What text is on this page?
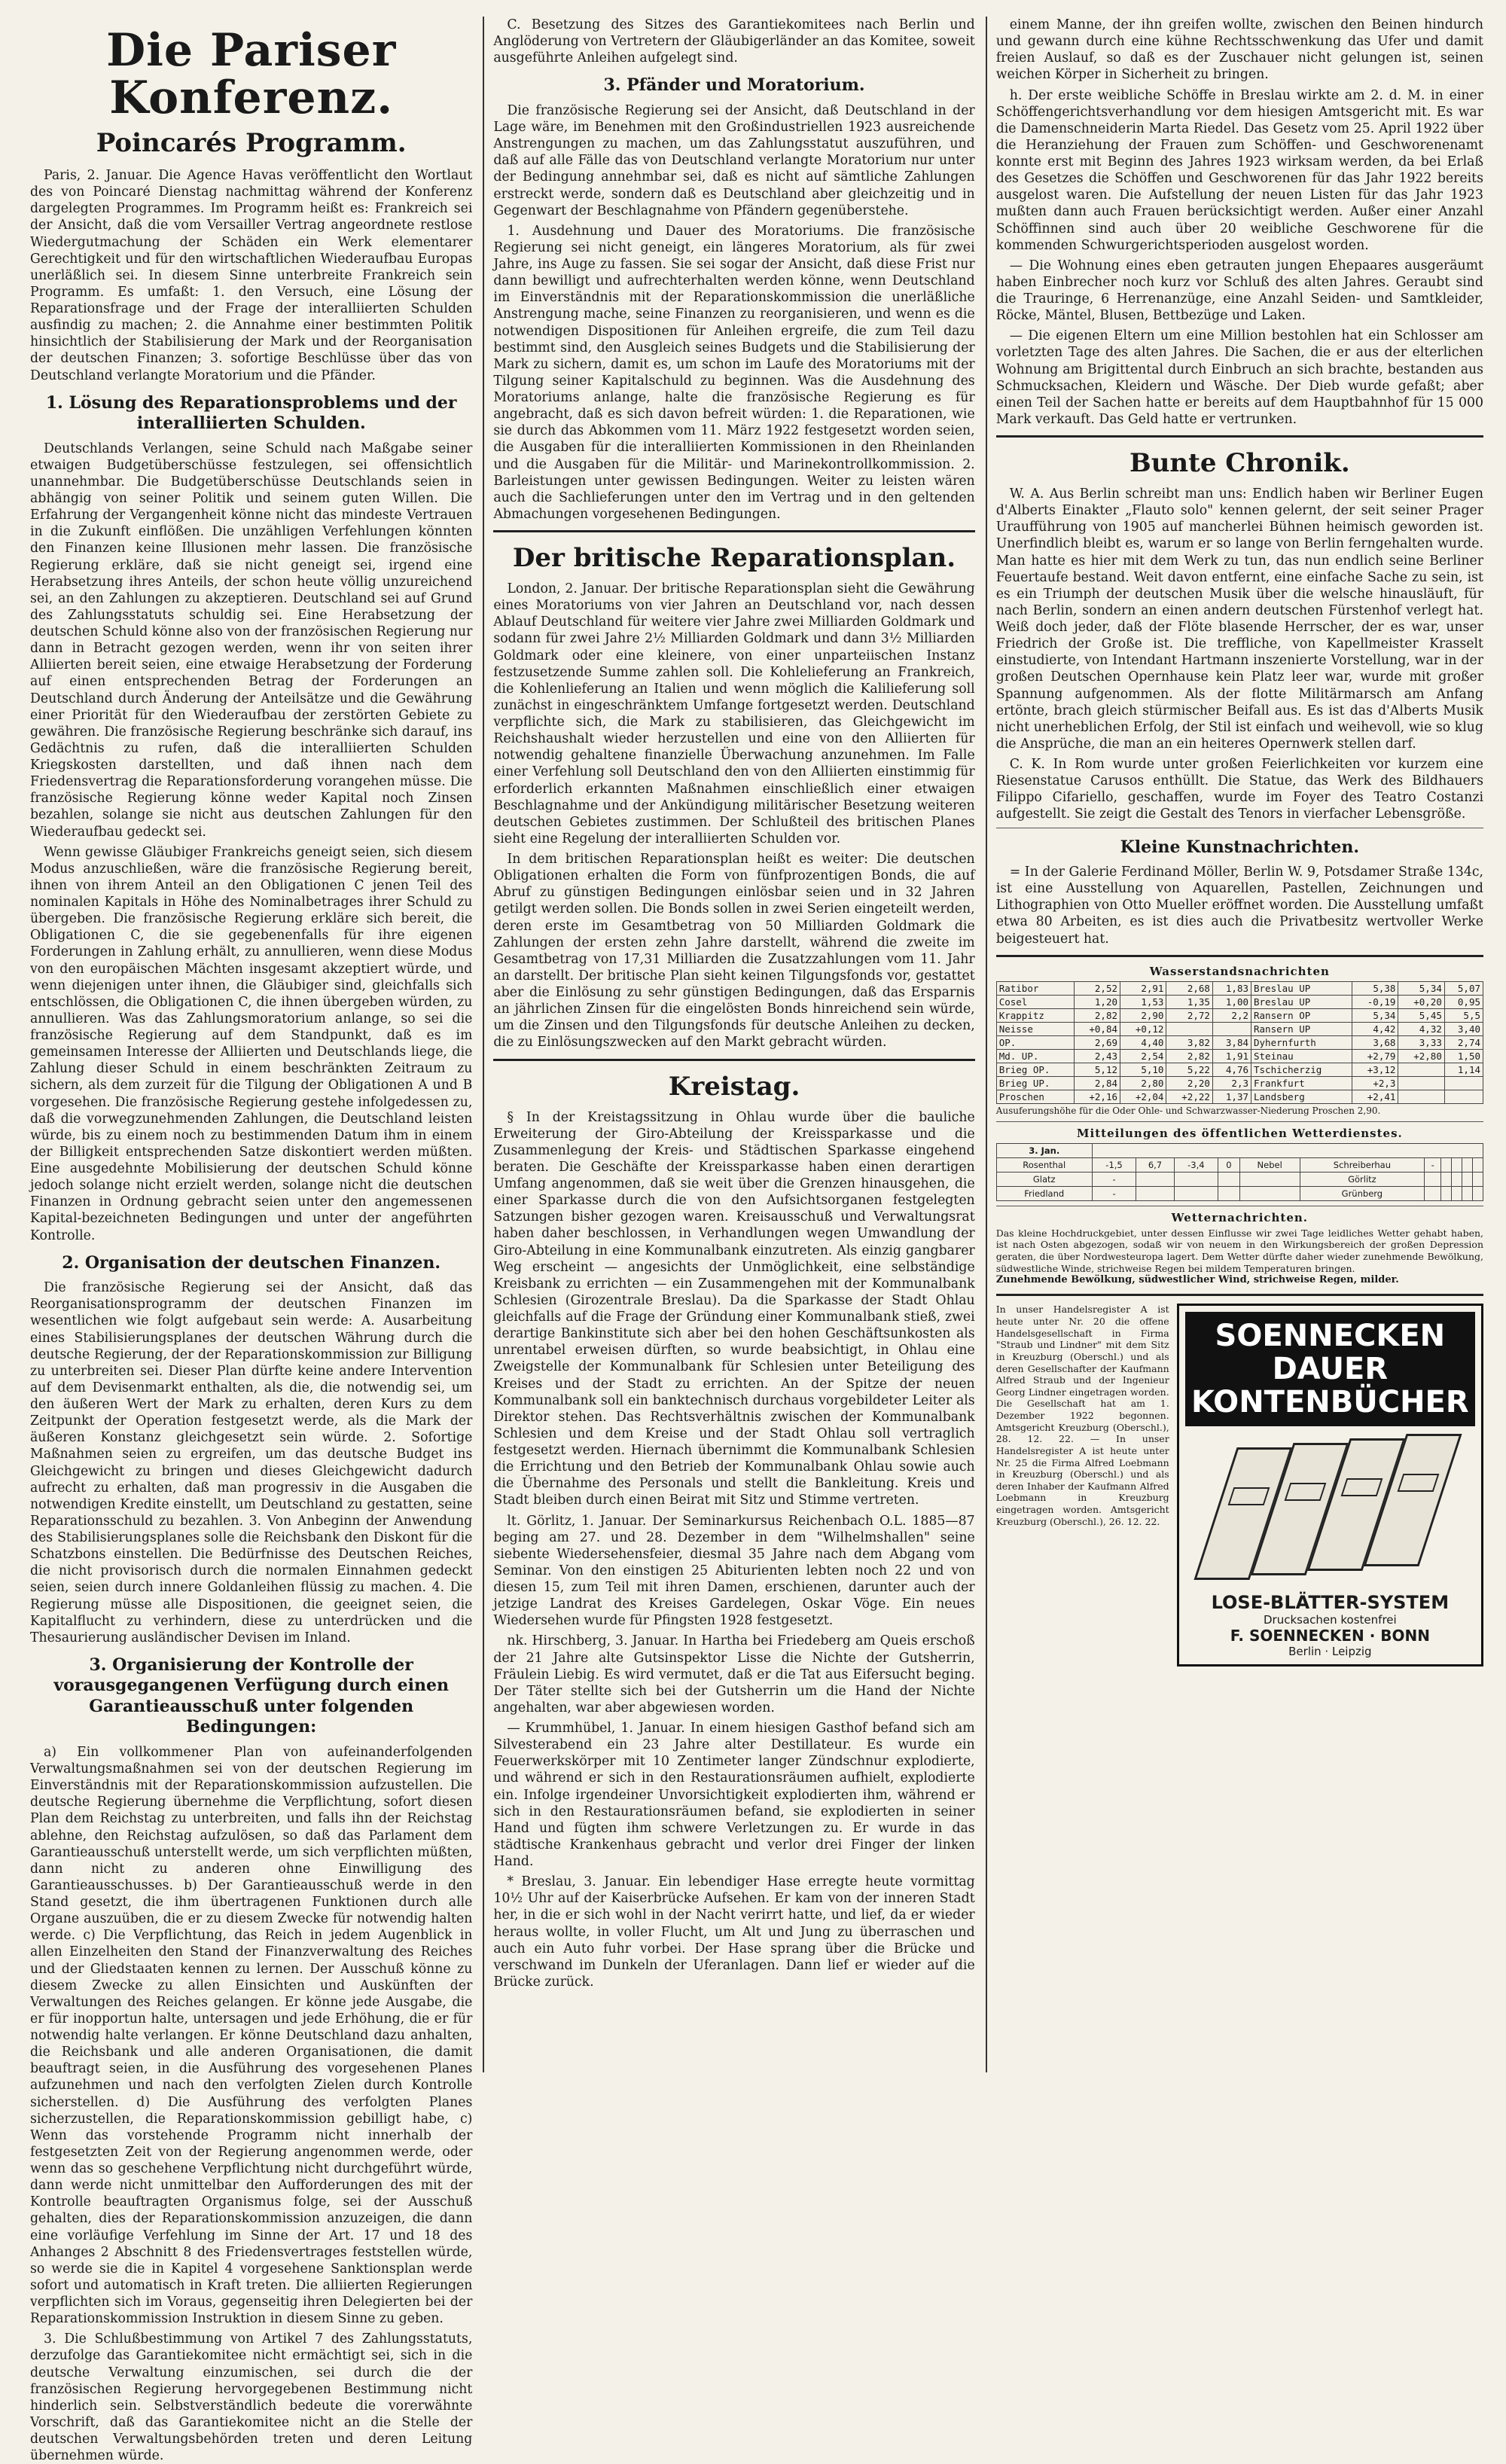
Die Pariser Konferenz.
Poincarés Programm.

Paris, 2. Januar. Die Agence Havas veröffentlicht den Wortlaut des von Poincaré Dienstag nachmittag während der Konferenz dargelegten Programmes. Im Programm heißt es: Frankreich sei der Ansicht, daß die vom Versailler Vertrag angeordnete restlose Wiedergutmachung der Schäden ein Werk elementarer Gerechtigkeit und für den wirtschaftlichen Wiederaufbau Europas unerläßlich sei. In diesem Sinne unterbreite Frankreich sein Programm. Es umfaßt: 1. den Versuch, eine Lösung der Reparationsfrage und der Frage der interalliierten Schulden ausfindig zu machen; 2. die Annahme einer bestimmten Politik hinsichtlich der Stabilisierung der Mark und der Reorganisation der deutschen Finanzen; 3. sofortige Beschlüsse über das von Deutschland verlangte Moratorium und die Pfänder.

1. Lösung des Reparationsproblems und der interalliierten Schulden.

Deutschlands Verlangen, seine Schuld nach Maßgabe seiner etwaigen Budgetüberschüsse festzulegen, sei offensichtlich unannehmbar. Die Budgetüberschüsse Deutschlands seien in abhängig von seiner Politik und seinem guten Willen. Die Erfahrung der Vergangenheit könne nicht das mindeste Vertrauen in die Zukunft einflößen. Die unzähligen Verfehlungen könnten den Finanzen keine Illusionen mehr lassen. Die französische Regierung erkläre, daß sie nicht geneigt sei, irgend eine Herabsetzung ihres Anteils, der schon heute völlig unzureichend sei, an den Zahlungen zu akzeptieren. Deutschland sei auf Grund des Zahlungsstatuts schuldig sei. Eine Herabsetzung der deutschen Schuld könne also von der französischen Regierung nur dann in Betracht gezogen werden, wenn ihr von seiten ihrer Alliierten bereit seien, eine etwaige Herabsetzung der Forderung auf einen entsprechenden Betrag der Forderungen an Deutschland durch Änderung der Anteilsätze und die Gewährung einer Priorität für den Wiederaufbau der zerstörten Gebiete zu gewähren. Die französische Regierung beschränke sich darauf, ins Gedächtnis zu rufen, daß die interalliierten Schulden Kriegskosten darstellten, und daß ihnen nach dem Friedensvertrag die Reparationsforderung vorangehen müsse. Die französische Regierung könne weder Kapital noch Zinsen bezahlen, solange sie nicht aus deutschen Zahlungen für den Wiederaufbau gedeckt sei.

Wenn gewisse Gläubiger Frankreichs geneigt seien, sich diesem Modus anzuschließen, wäre die französische Regierung bereit, ihnen von ihrem Anteil an den Obligationen C jenen Teil des nominalen Kapitals in Höhe des Nominalbetrages ihrer Schuld zu übergeben. Die französische Regierung erkläre sich bereit, die Obligationen C, die sie gegebenenfalls für ihre eigenen Forderungen in Zahlung erhält, zu annullieren, wenn diese Modus von den europäischen Mächten insgesamt akzeptiert würde, und wenn diejenigen unter ihnen, die Gläubiger sind, gleichfalls sich entschlössen, die Obligationen C, die ihnen übergeben würden, zu annullieren. Was das Zahlungsmoratorium anlange, so sei die französische Regierung auf dem Standpunkt, daß es im gemeinsamen Interesse der Alliierten und Deutschlands liege, die Zahlung dieser Schuld in einem beschränkten Zeitraum zu sichern, als dem zurzeit für die Tilgung der Obligationen A und B vorgesehen. Die französische Regierung gestehe infolgedessen zu, daß die vorwegzunehmenden Zahlungen, die Deutschland leisten würde, bis zu einem noch zu bestimmenden Datum ihm in einem der Billigkeit entsprechenden Satze diskontiert werden müßten. Eine ausgedehnte Mobilisierung der deutschen Schuld könne jedoch solange nicht erzielt werden, solange nicht die deutschen Finanzen in Ordnung gebracht seien unter den angemessenen Kapital-bezeichneten Bedingungen und unter der angeführten Kontrolle.

2. Organisation der deutschen Finanzen.

Die französische Regierung sei der Ansicht, daß das Reorganisationsprogramm der deutschen Finanzen im wesentlichen wie folgt aufgebaut sein werde: A. Ausarbeitung eines Stabilisierungsplanes der deutschen Währung durch die deutsche Regierung, der der Reparationskommission zur Billigung zu unterbreiten sei. Dieser Plan dürfte keine andere Intervention auf dem Devisenmarkt enthalten, als die, die notwendig sei, um den äußeren Wert der Mark zu erhalten, deren Kurs zu dem Zeitpunkt der Operation festgesetzt werde, als die Mark der äußeren Konstanz gleichgesetzt sein würde. 2. Sofortige Maßnahmen seien zu ergreifen, um das deutsche Budget ins Gleichgewicht zu bringen und dieses Gleichgewicht dadurch aufrecht zu erhalten, daß man progressiv in die Ausgaben die notwendigen Kredite einstellt, um Deutschland zu gestatten, seine Reparationsschuld zu bezahlen. 3. Von Anbeginn der Anwendung des Stabilisierungsplanes solle die Reichsbank den Diskont für die Schatzbons einstellen. Die Bedürfnisse des Deutschen Reiches, die nicht provisorisch durch die normalen Einnahmen gedeckt seien, seien durch innere Goldanleihen flüssig zu machen. 4. Die Regierung müsse alle Dispositionen, die geeignet seien, die Kapitalflucht zu verhindern, diese zu unterdrücken und die Thesaurierung ausländischer Devisen im Inland.

3. Organisierung der Kontrolle der vorausgegangenen Verfügung durch einen Garantieausschuß unter folgenden Bedingungen:

a) Ein vollkommener Plan von aufeinanderfolgenden Verwaltungsmaßnahmen sei von der deutschen Regierung im Einverständnis mit der Reparationskommission aufzustellen. Die deutsche Regierung übernehme die Verpflichtung, sofort diesen Plan dem Reichstag zu unterbreiten, und falls ihn der Reichstag ablehne, den Reichstag aufzulösen, so daß das Parlament dem Garantieausschuß unterstellt werde, um sich verpflichten müßten, dann nicht zu anderen ohne Einwilligung des Garantieausschusses. b) Der Garantieausschuß werde in den Stand gesetzt, die ihm übertragenen Funktionen durch alle Organe auszuüben, die er zu diesem Zwecke für notwendig halten werde. c) Die Verpflichtung, das Reich in jedem Augenblick in allen Einzelheiten den Stand der Finanzverwaltung des Reiches und der Gliedstaaten kennen zu lernen. Der Ausschuß könne zu diesem Zwecke zu allen Einsichten und Auskünften der Verwaltungen des Reiches gelangen. Er könne jede Ausgabe, die er für inopportun halte, untersagen und jede Erhöhung, die er für notwendig halte verlangen. Er könne Deutschland dazu anhalten, die Reichsbank und alle anderen Organisationen, die damit beauftragt seien, in die Ausführung des vorgesehenen Planes aufzunehmen und nach den verfolgten Zielen durch Kontrolle sicherstellen. d) Die Ausführung des verfolgten Planes sicherzustellen, die Reparationskommission gebilligt habe, c) Wenn das vorstehende Programm nicht innerhalb der festgesetzten Zeit von der Regierung angenommen werde, oder wenn das so geschehene Verpflichtung nicht durchgeführt würde, dann werde nicht unmittelbar den Aufforderungen des mit der Kontrolle beauftragten Organismus folge, sei der Ausschuß gehalten, dies der Reparationskommission anzuzeigen, die dann eine vorläufige Verfehlung im Sinne der Art. 17 und 18 des Anhanges 2 Abschnitt 8 des Friedensvertrages feststellen würde, so werde sie die in Kapitel 4 vorgesehene Sanktionsplan werde sofort und automatisch in Kraft treten. Die alliierten Regierungen verpflichten sich im Voraus, gegenseitig ihren Delegierten bei der Reparationskommission Instruktion in diesem Sinne zu geben.

3. Die Schlußbestimmung von Artikel 7 des Zahlungsstatuts, derzufolge das Garantiekomitee nicht ermächtigt sei, sich in die deutsche Verwaltung einzumischen, sei durch die der französischen Regierung hervorgegebenen Bestimmung nicht hinderlich sein. Selbstverständlich bedeute die vorerwähnte Vorschrift, daß das Garantiekomitee nicht an die Stelle der deutschen Verwaltungsbehörden treten und deren Leitung übernehmen würde.

C. Besetzung des Sitzes des Garantiekomitees nach Berlin und Anglöderung von Vertretern der Gläubigerländer an das Komitee, soweit ausgeführte Anleihen aufgelegt sind.

3. Pfänder und Moratorium.

Die französische Regierung sei der Ansicht, daß Deutschland in der Lage wäre, im Benehmen mit den Großindustriellen 1923 ausreichende Anstrengungen zu machen, um das Zahlungsstatut auszuführen, und daß auf alle Fälle das von Deutschland verlangte Moratorium nur unter der Bedingung annehmbar sei, daß es nicht auf sämtliche Zahlungen erstreckt werde, sondern daß es Deutschland aber gleichzeitig und in Gegenwart der Beschlagnahme von Pfändern gegenüberstehe.

1. Ausdehnung und Dauer des Moratoriums. Die französische Regierung sei nicht geneigt, ein längeres Moratorium, als für zwei Jahre, ins Auge zu fassen. Sie sei sogar der Ansicht, daß diese Frist nur dann bewilligt und aufrechterhalten werden könne, wenn Deutschland im Einverständnis mit der Reparationskommission die unerläßliche Anstrengung mache, seine Finanzen zu reorganisieren, und wenn es die notwendigen Dispositionen für Anleihen ergreife, die zum Teil dazu bestimmt sind, den Ausgleich seines Budgets und die Stabilisierung der Mark zu sichern, damit es, um schon im Laufe des Moratoriums mit der Tilgung seiner Kapitalschuld zu beginnen. Was die Ausdehnung des Moratoriums anlange, halte die französische Regierung es für angebracht, daß es sich davon befreit würden: 1. die Reparationen, wie sie durch das Abkommen vom 11. März 1922 festgesetzt worden seien, die Ausgaben für die interalliierten Kommissionen in den Rheinlanden und die Ausgaben für die Militär- und Marinekontrollkommission. 2. Barleistungen unter gewissen Bedingungen. Weiter zu leisten wären auch die Sachlieferungen unter den im Vertrag und in den geltenden Abmachungen vorgesehenen Bedingungen.

Der britische Reparationsplan.

London, 2. Januar. Der britische Reparationsplan sieht die Gewährung eines Moratoriums von vier Jahren an Deutschland vor, nach dessen Ablauf Deutschland für weitere vier Jahre zwei Milliarden Goldmark und sodann für zwei Jahre 2½ Milliarden Goldmark und dann 3½ Milliarden Goldmark oder eine kleinere, von einer unparteiischen Instanz festzusetzende Summe zahlen soll. Die Kohlelieferung an Frankreich, die Kohlenlieferung an Italien und wenn möglich die Kalilieferung soll zunächst in eingeschränktem Umfange fortgesetzt werden. Deutschland verpflichte sich, die Mark zu stabilisieren, das Gleichgewicht im Reichshaushalt wieder herzustellen und eine von den Alliierten für notwendig gehaltene finanzielle Überwachung anzunehmen. Im Falle einer Verfehlung soll Deutschland den von den Alliierten einstimmig für erforderlich erkannten Maßnahmen einschließlich einer etwaigen Beschlagnahme und der Ankündigung militärischer Besetzung weiteren deutschen Gebietes zustimmen. Der Schlußteil des britischen Planes sieht eine Regelung der interalliierten Schulden vor.

In dem britischen Reparationsplan heißt es weiter: Die deutschen Obligationen erhalten die Form von fünfprozentigen Bonds, die auf Abruf zu günstigen Bedingungen einlösbar seien und in 32 Jahren getilgt werden sollen. Die Bonds sollen in zwei Serien eingeteilt werden, deren erste im Gesamtbetrag von 50 Milliarden Goldmark die Zahlungen der ersten zehn Jahre darstellt, während die zweite im Gesamtbetrag von 17,31 Milliarden die Zusatzzahlungen vom 11. Jahr an darstellt. Der britische Plan sieht keinen Tilgungsfonds vor, gestattet aber die Einlösung zu sehr günstigen Bedingungen, daß das Ersparnis an jährlichen Zinsen für die eingelösten Bonds hinreichend sein würde, um die Zinsen und den Tilgungsfonds für deutsche Anleihen zu decken, die zu Einlösungszwecken auf den Markt gebracht würden.

Kreistag.

§ In der Kreistagssitzung in Ohlau wurde über die bauliche Erweiterung der Giro-Abteilung der Kreissparkasse und die Zusammenlegung der Kreis- und Städtischen Sparkasse eingehend beraten. Die Geschäfte der Kreissparkasse haben einen derartigen Umfang angenommen, daß sie weit über die Grenzen hinausgehen, die einer Sparkasse durch die von den Aufsichtsorganen festgelegten Satzungen bisher gezogen waren. Kreisausschuß und Verwaltungsrat haben daher beschlossen, in Verhandlungen wegen Umwandlung der Giro-Abteilung in eine Kommunalbank einzutreten. Als einzig gangbarer Weg erscheint — angesichts der Unmöglichkeit, eine selbständige Kreisbank zu errichten — ein Zusammengehen mit der Kommunalbank Schlesien (Girozentrale Breslau). Da die Sparkasse der Stadt Ohlau gleichfalls auf die Frage der Gründung einer Kommunalbank stieß, zwei derartige Bankinstitute sich aber bei den hohen Geschäftsunkosten als unrentabel erweisen dürften, so wurde beabsichtigt, in Ohlau eine Zweigstelle der Kommunalbank für Schlesien unter Beteiligung des Kreises und der Stadt zu errichten. An der Spitze der neuen Kommunalbank soll ein banktechnisch durchaus vorgebildeter Leiter als Direktor stehen. Das Rechtsverhältnis zwischen der Kommunalbank Schlesien und dem Kreise und der Stadt Ohlau soll vertraglich festgesetzt werden. Hiernach übernimmt die Kommunalbank Schlesien die Errichtung und den Betrieb der Kommunalbank Ohlau sowie auch die Übernahme des Personals und stellt die Bankleitung. Kreis und Stadt bleiben durch einen Beirat mit Sitz und Stimme vertreten.

lt. Görlitz, 1. Januar. Der Seminarkursus Reichenbach O.L. 1885—87 beging am 27. und 28. Dezember in dem "Wilhelmshallen" seine siebente Wiedersehensfeier, diesmal 35 Jahre nach dem Abgang vom Seminar. Von den einstigen 25 Abiturienten lebten noch 22 und von diesen 15, zum Teil mit ihren Damen, erschienen, darunter auch der jetzige Landrat des Kreises Gardelegen, Oskar Vöge. Ein neues Wiedersehen wurde für Pfingsten 1928 festgesetzt.

nk. Hirschberg, 3. Januar. In Hartha bei Friedeberg am Queis erschoß der 21 Jahre alte Gutsinspektor Lisse die Nichte der Gutsherrin, Fräulein Liebig. Es wird vermutet, daß er die Tat aus Eifersucht beging. Der Täter stellte sich bei der Gutsherrin um die Hand der Nichte angehalten, war aber abgewiesen worden.

— Krummhübel, 1. Januar. In einem hiesigen Gasthof befand sich am Silvesterabend ein 23 Jahre alter Destillateur. Es wurde ein Feuerwerkskörper mit 10 Zentimeter langer Zündschnur explodierte, und während er sich in den Restaurationsräumen aufhielt, explodierte ein. Infolge irgendeiner Unvorsichtigkeit explodierten ihm, während er sich in den Restaurationsräumen befand, sie explodierten in seiner Hand und fügten ihm schwere Verletzungen zu. Er wurde in das städtische Krankenhaus gebracht und verlor drei Finger der linken Hand.

* Breslau, 3. Januar. Ein lebendiger Hase erregte heute vormittag 10½ Uhr auf der Kaiserbrücke Aufsehen. Er kam von der inneren Stadt her, in die er sich wohl in der Nacht verirrt hatte, und lief, da er wieder heraus wollte, in voller Flucht, um Alt und Jung zu überraschen und auch ein Auto fuhr vorbei. Der Hase sprang über die Brücke und verschwand im Dunkeln der Uferanlagen. Dann lief er wieder auf die Brücke zurück.

einem Manne, der ihn greifen wollte, zwischen den Beinen hindurch und gewann durch eine kühne Rechtsschwenkung das Ufer und damit freien Auslauf, so daß es der Zuschauer nicht gelungen ist, seinen weichen Körper in Sicherheit zu bringen.

h. Der erste weibliche Schöffe in Breslau wirkte am 2. d. M. in einer Schöffengerichtsverhandlung vor dem hiesigen Amtsgericht mit. Es war die Damenschneiderin Marta Riedel. Das Gesetz vom 25. April 1922 über die Heranziehung der Frauen zum Schöffen- und Geschworenenamt konnte erst mit Beginn des Jahres 1923 wirksam werden, da bei Erlaß des Gesetzes die Schöffen und Geschworenen für das Jahr 1922 bereits ausgelost waren. Die Aufstellung der neuen Listen für das Jahr 1923 mußten dann auch Frauen berücksichtigt werden. Außer einer Anzahl Schöffinnen sind auch über 20 weibliche Geschworene für die kommenden Schwurgerichtsperioden ausgelost worden.

— Die Wohnung eines eben getrauten jungen Ehepaares ausgeräumt haben Einbrecher noch kurz vor Schluß des alten Jahres. Geraubt sind die Trauringe, 6 Herrenanzüge, eine Anzahl Seiden- und Samtkleider, Röcke, Mäntel, Blusen, Bettbezüge und Laken.

— Die eigenen Eltern um eine Million bestohlen hat ein Schlosser am vorletzten Tage des alten Jahres. Die Sachen, die er aus der elterlichen Wohnung am Brigittental durch Einbruch an sich brachte, bestanden aus Schmucksachen, Kleidern und Wäsche. Der Dieb wurde gefaßt; aber einen Teil der Sachen hatte er bereits auf dem Hauptbahnhof für 15 000 Mark verkauft. Das Geld hatte er vertrunken.

Bunte Chronik.

W. A. Aus Berlin schreibt man uns: Endlich haben wir Berliner Eugen d'Alberts Einakter „Flauto solo" kennen gelernt, der seit seiner Prager Uraufführung von 1905 auf mancherlei Bühnen heimisch geworden ist. Unerfindlich bleibt es, warum er so lange von Berlin ferngehalten wurde. Man hatte es hier mit dem Werk zu tun, das nun endlich seine Berliner Feuertaufe bestand. Weit davon entfernt, eine einfache Sache zu sein, ist es ein Triumph der deutschen Musik über die welsche hinausläuft, für nach Berlin, sondern an einen andern deutschen Fürstenhof verlegt hat. Weiß doch jeder, daß der Flöte blasende Herrscher, der es war, unser Friedrich der Große ist. Die treffliche, von Kapellmeister Krasselt einstudierte, von Intendant Hartmann inszenierte Vorstellung, war in der großen Deutschen Opernhause kein Platz leer war, wurde mit großer Spannung aufgenommen. Als der flotte Militärmarsch am Anfang ertönte, brach gleich stürmischer Beifall aus. Es ist das d'Alberts Musik nicht unerheblichen Erfolg, der Stil ist einfach und weihevoll, wie so klug die Ansprüche, die man an ein heiteres Opernwerk stellen darf.

C. K. In Rom wurde unter großen Feierlichkeiten vor kurzem eine Riesenstatue Carusos enthüllt. Die Statue, das Werk des Bildhauers Filippo Cifariello, geschaffen, wurde im Foyer des Teatro Costanzi aufgestellt. Sie zeigt die Gestalt des Tenors in vierfacher Lebensgröße.

Kleine Kunstnachrichten.

= In der Galerie Ferdinand Möller, Berlin W. 9, Potsdamer Straße 134c, ist eine Ausstellung von Aquarellen, Pastellen, Zeichnungen und Lithographien von Otto Mueller eröffnet worden. Die Ausstellung umfaßt etwa 80 Arbeiten, es ist dies auch die Privatbesitz wertvoller Werke beigesteuert hat.

Wasserstandsnachrichten
Ratibor	2,52	2,91	2,68	1,83	Breslau UP	5,38	5,34	5,07
Cosel	1,20	1,53	1,35	1,00	Breslau UP	-0,19	+0,20	0,95
Krappitz	2,82	2,90	2,72	2,2	Ransern OP	5,34	5,45	5,5
Neisse	+0,84	+0,12			Ransern UP	4,42	4,32	3,40
OP.	2,69	4,40	3,82	3,84	Dyhernfurth	3,68	3,33	2,74
Md. UP.	2,43	2,54	2,82	1,91	Steinau	+2,79	+2,80	1,50
Brieg OP.	5,12	5,10	5,22	4,76	Tschicherzig	+3,12		1,14
Brieg UP.	2,84	2,80	2,20	2,3	Frankfurt	+2,3		
Proschen	+2,16	+2,04	+2,22	1,37	Landsberg	+2,41		
Ausuferungshöhe für die Oder Ohle- und Schwarzwasser-Niederung Proschen 2,90.
Mitteilungen des öffentlichen Wetterdienstes.
3. Jan.											
Rosenthal	-1,5	6,7	-3,4	0	Nebel	Schreiberhau	-				
Glatz	-					Görlitz					
Friedland	-					Grünberg					
Wetternachrichten.
Das kleine Hochdruckgebiet, unter dessen Einflusse wir zwei Tage leidliches Wetter gehabt haben, ist nach Osten abgezogen, sodaß wir von neuem in den Wirkungsbereich der großen Depression geraten, die über Nordwesteuropa lagert. Dem Wetter dürfte daher wieder zunehmende Bewölkung, südwestliche Winde, strichweise Regen bei mildem Temperaturen bringen.
Zunehmende Bewölkung, südwestlicher Wind, strichweise Regen, milder.
In unser Handelsregister A ist heute unter Nr. 20 die offene Handelsgesellschaft in Firma "Straub und Lindner" mit dem Sitz in Kreuzburg (Oberschl.) und als deren Gesellschafter der Kaufmann Alfred Straub und der Ingenieur Georg Lindner eingetragen worden. Die Gesellschaft hat am 1. Dezember 1922 begonnen. Amtsgericht Kreuzburg (Oberschl.), 28. 12. 22. — In unser Handelsregister A ist heute unter Nr. 25 die Firma Alfred Loebmann in Kreuzburg (Oberschl.) und als deren Inhaber der Kaufmann Alfred Loebmann in Kreuzburg eingetragen worden. Amtsgericht Kreuzburg (Oberschl.), 26. 12. 22.
SOENNECKEN
DAUER
KONTENBÜCHER
LOSE-BLÄTTER-SYSTEM
Drucksachen kostenfrei
F. SOENNECKEN · BONN
Berlin · Leipzig
